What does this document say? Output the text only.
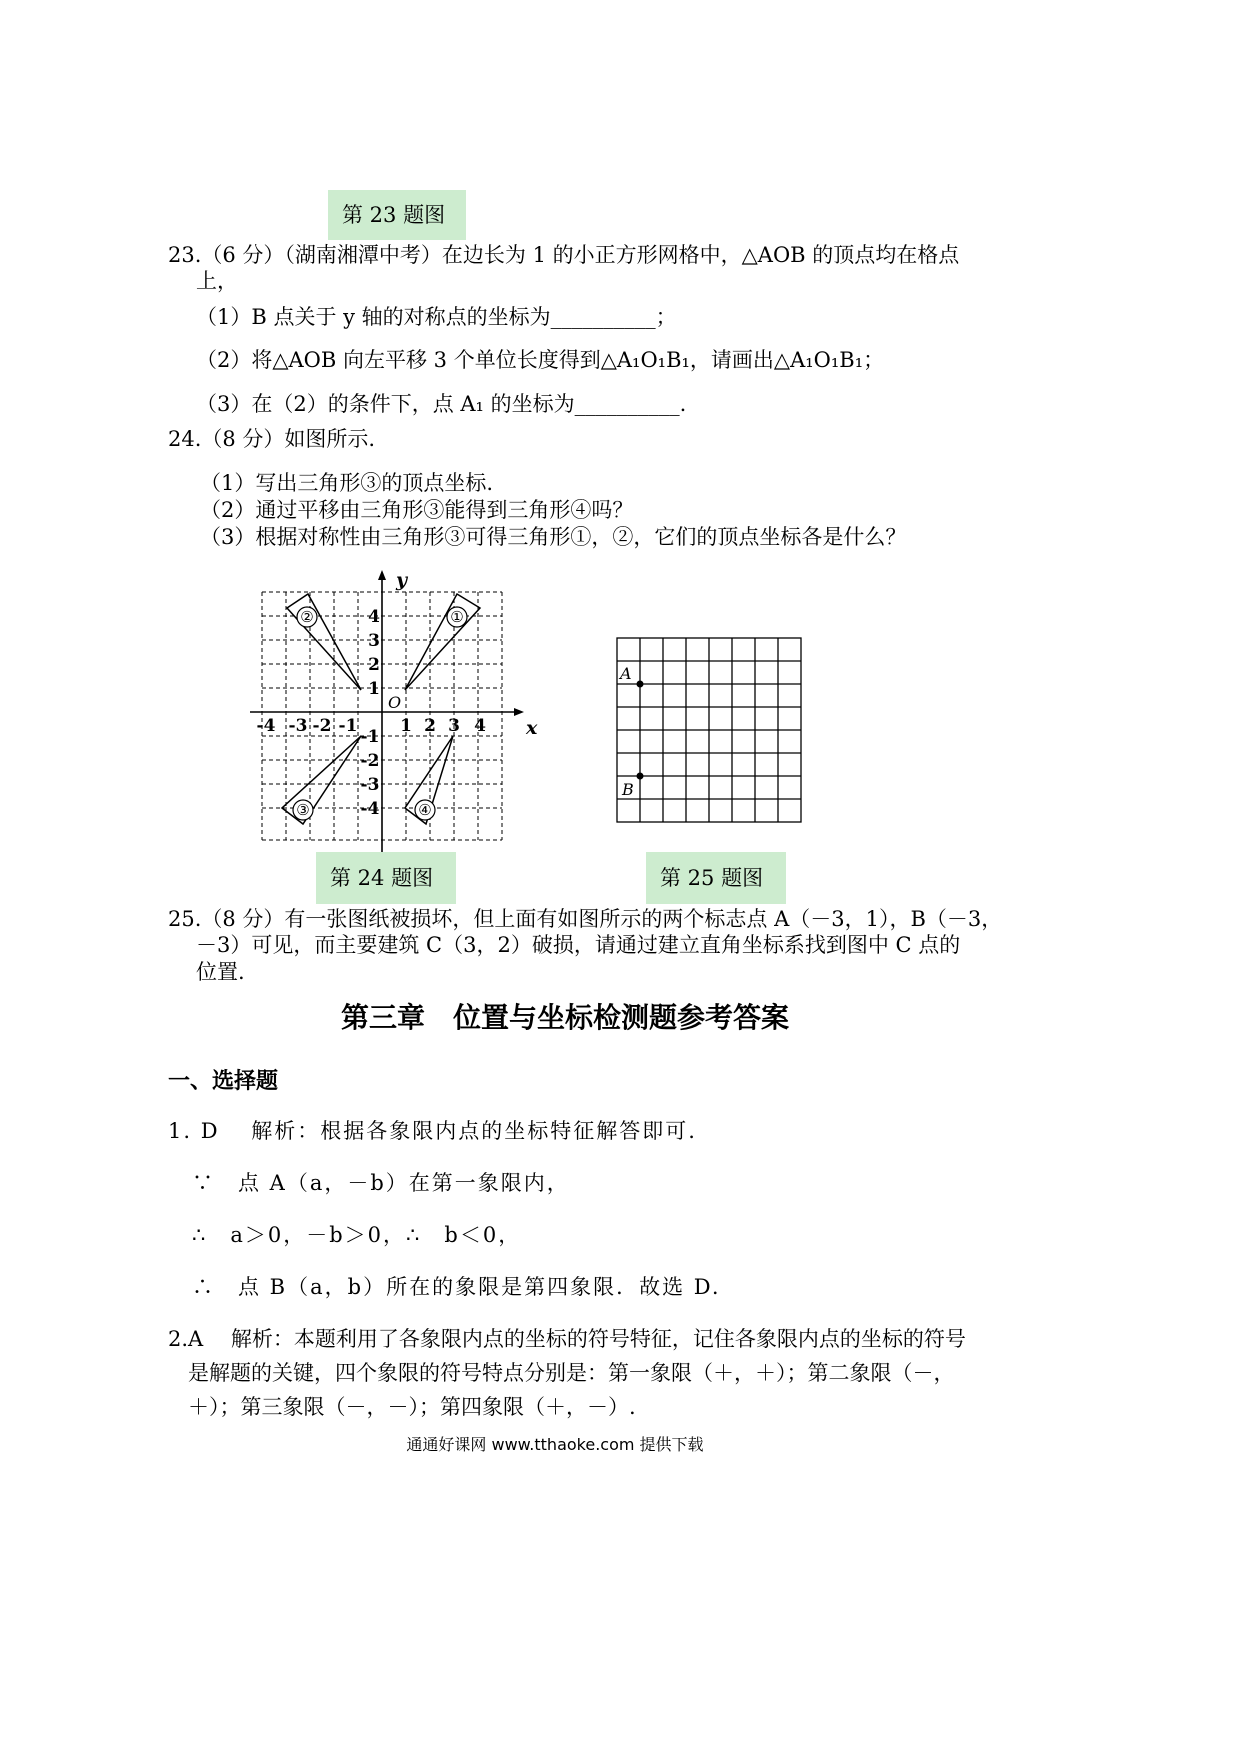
第 23 题图
23.（6 分）（湖南湘潭中考）在边长为 1 的小正方形网格中，△AOB 的顶点均在格点
上，
（1）B 点关于 y 轴的对称点的坐标为__________；
（2）将△AOB 向左平移 3 个单位长度得到△A₁O₁B₁，请画出△A₁O₁B₁；
（3）在（2）的条件下，点 A₁ 的坐标为__________.
24.（8 分）如图所示.
（1）写出三角形③的顶点坐标.
（2）通过平移由三角形③能得到三角形④吗？
（3）根据对称性由三角形③可得三角形①，②，它们的顶点坐标各是什么？
②	①
③	④
-4 -3 -2 -1	1 2 3 4
4
3
2
1
-1
-2
-3
-4
y
x
O
A
B
第 24 题图	第 25 题图
25.（8 分）有一张图纸被损坏，但上面有如图所示的两个标志点 A（－3，1），B（－3，
－3）可见，而主要建筑 C（3，2）破损，请通过建立直角坐标系找到图中 C 点的
位置.
第三章　位置与坐标检测题参考答案
一、选择题
1. D　 解析：根据各象限内点的坐标特征解答即可.
∵　点 A（a，－b）在第一象限内，
∴　a＞0，－b＞0，∴　b＜0，
∴　点 B（a，b）所在的象限是第四象限．故选 D.
2.A　 解析：本题利用了各象限内点的坐标的符号特征，记住各象限内点的坐标的符号
是解题的关键，四个象限的符号特点分别是：第一象限（＋，＋）；第二象限（－，
＋）；第三象限（－，－）；第四象限（＋，－）.
通通好课网 www.tthaoke.com 提供下载
